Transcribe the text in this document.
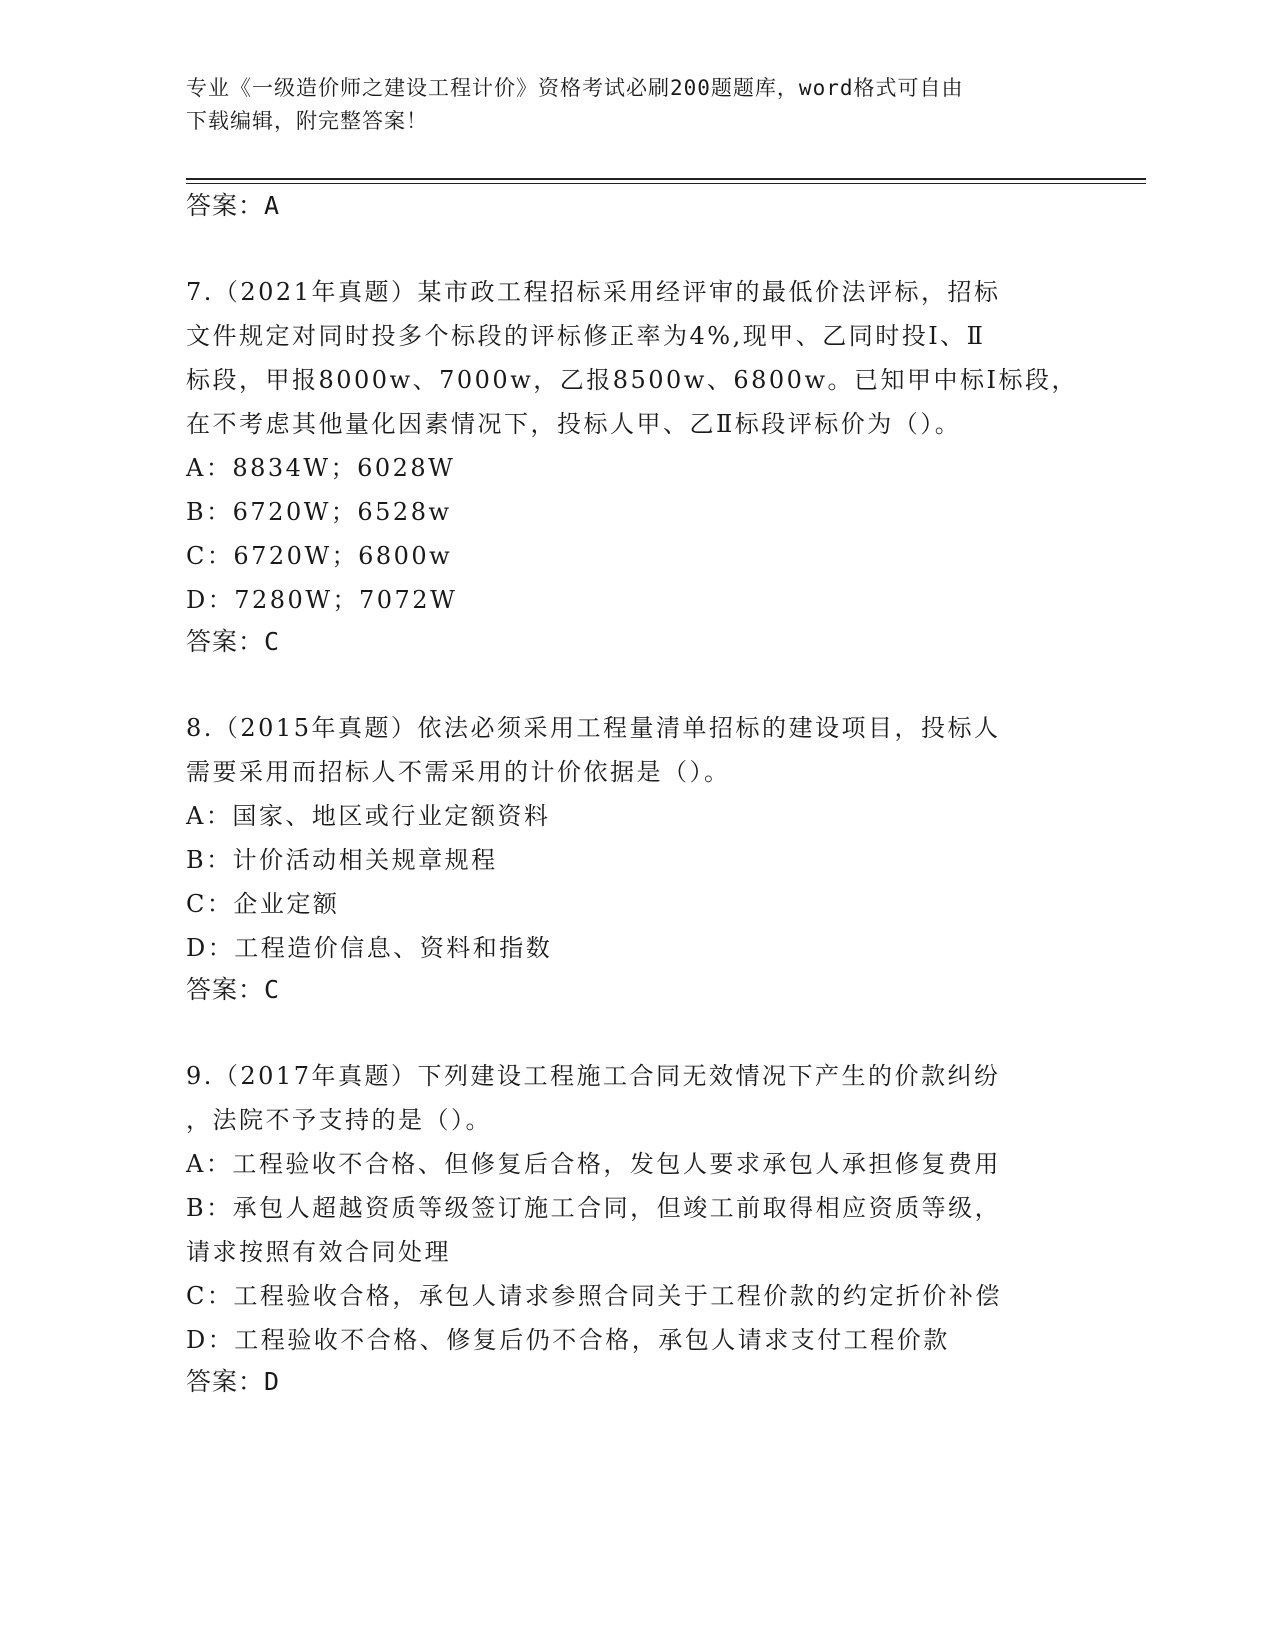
专业《一级造价师之建设工程计价》资格考试必刷200题题库，word格式可自由
下载编辑，附完整答案！
答案：A
7.（2021年真题）某市政工程招标采用经评审的最低价法评标，招标
文件规定对同时投多个标段的评标修正率为4%,现甲、乙同时投Ⅰ、Ⅱ
标段，甲报8000w、7000w，乙报8500w、6800w。已知甲中标Ⅰ标段，
在不考虑其他量化因素情况下，投标人甲、乙Ⅱ标段评标价为（）。
A：8834W；6028W
B：6720W；6528w
C：6720W；6800w
D：7280W；7072W
答案：C
8.（2015年真题）依法必须采用工程量清单招标的建设项目，投标人
需要采用而招标人不需采用的计价依据是（）。
A：国家、地区或行业定额资料
B：计价活动相关规章规程
C：企业定额
D：工程造价信息、资料和指数
答案：C
9.（2017年真题）下列建设工程施工合同无效情况下产生的价款纠纷
，法院不予支持的是（）。
A：工程验收不合格、但修复后合格，发包人要求承包人承担修复费用
B：承包人超越资质等级签订施工合同，但竣工前取得相应资质等级，
请求按照有效合同处理
C：工程验收合格，承包人请求参照合同关于工程价款的约定折价补偿
D：工程验收不合格、修复后仍不合格，承包人请求支付工程价款
答案：D
